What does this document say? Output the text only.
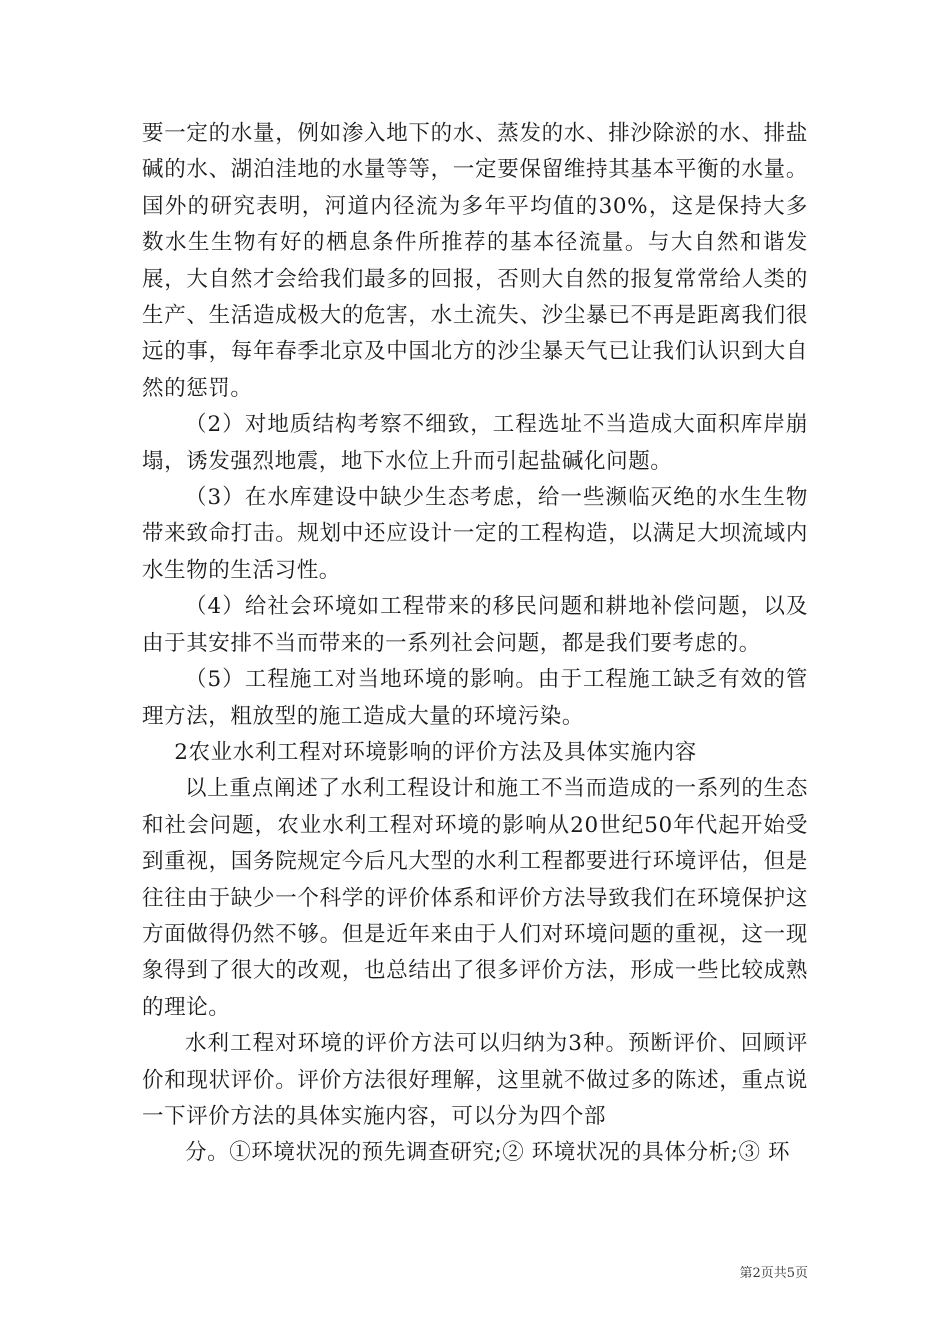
要一定的水量，例如渗入地下的水、蒸发的水、排沙除淤的水、排盐碱的水、湖泊洼地的水量等等，一定要保留维持其基本平衡的水量。国外的研究表明，河道内径流为多年平均值的30%，这是保持大多数水生生物有好的栖息条件所推荐的基本径流量。与大自然和谐发展，大自然才会给我们最多的回报，否则大自然的报复常常给人类的生产、生活造成极大的危害，水土流失、沙尘暴已不再是距离我们很远的事，每年春季北京及中国北方的沙尘暴天气已让我们认识到大自然的惩罚。

（2）对地质结构考察不细致，工程选址不当造成大面积库岸崩塌，诱发强烈地震，地下水位上升而引起盐碱化问题。

（3）在水库建设中缺少生态考虑，给一些濒临灭绝的水生生物带来致命打击。规划中还应设计一定的工程构造，以满足大坝流域内水生物的生活习性。

（4）给社会环境如工程带来的移民问题和耕地补偿问题，以及由于其安排不当而带来的一系列社会问题，都是我们要考虑的。

（5）工程施工对当地环境的影响。由于工程施工缺乏有效的管理方法，粗放型的施工造成大量的环境污染。

2农业水利工程对环境影响的评价方法及具体实施内容

以上重点阐述了水利工程设计和施工不当而造成的一系列的生态和社会问题，农业水利工程对环境的影响从20世纪50年代起开始受到重视，国务院规定今后凡大型的水利工程都要进行环境评估，但是往往由于缺少一个科学的评价体系和评价方法导致我们在环境保护这方面做得仍然不够。但是近年来由于人们对环境问题的重视，这一现象得到了很大的改观，也总结出了很多评价方法，形成一些比较成熟的理论。

水利工程对环境的评价方法可以归纳为3种。预断评价、回顾评价和现状评价。评价方法很好理解，这里就不做过多的陈述，重点说一下评价方法的具体实施内容，可以分为四个部

分。①环境状况的预先调查研究;② 环境状况的具体分析;③ 环

第2页共5页
